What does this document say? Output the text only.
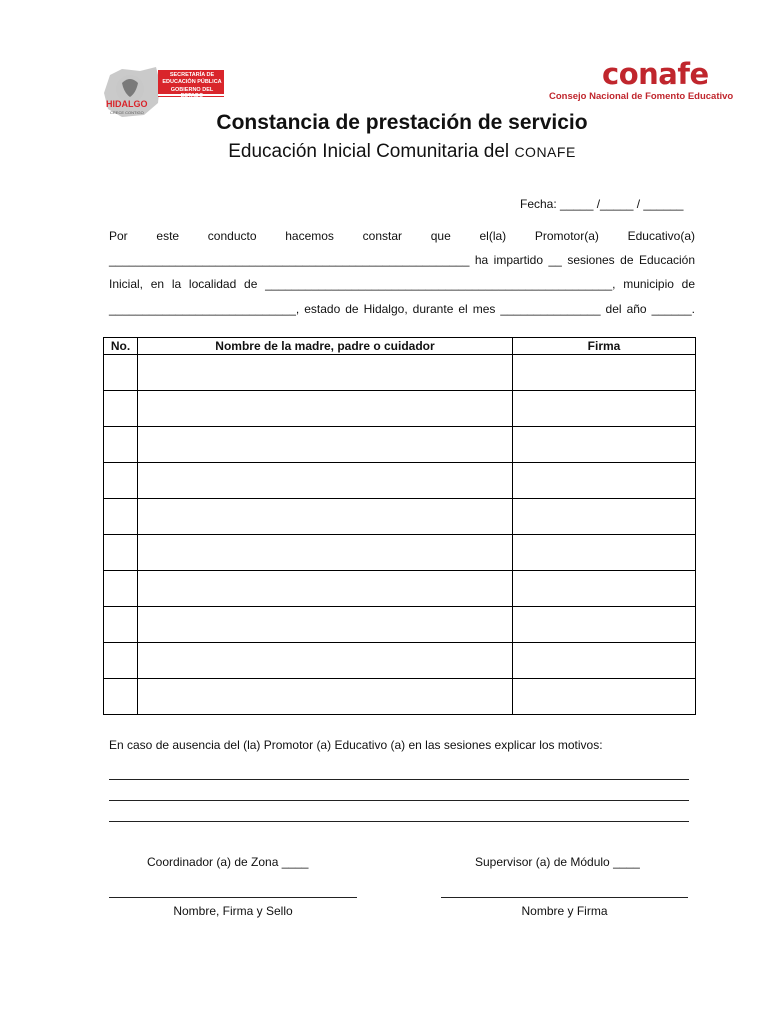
SECRETARÍA DE
EDUCACIÓN PÚBLICA
GOBIERNO DEL ESTADO
HIDALGO
CRECE CONTIGO
conafe
Consejo Nacional de Fomento Educativo
Constancia de prestación de servicio
Educación Inicial Comunitaria del CONAFE
Fecha: _____ /_____ / ______
Por este conducto hacemos constar que el(la) Promotor(a) Educativo(a)
______________________________________________________ ha impartido __ sesiones de Educación
Inicial, en la localidad de ____________________________________________________, municipio de
____________________________, estado de Hidalgo, durante el mes _______________ del año ______.
No.	Nombre de la madre, padre o cuidador	Firma

En caso de ausencia del (la) Promotor (a) Educativo (a) en las sesiones explicar los motivos:
Coordinador (a) de Zona ____	Supervisor (a) de Módulo ____
Nombre, Firma y Sello	Nombre y Firma
